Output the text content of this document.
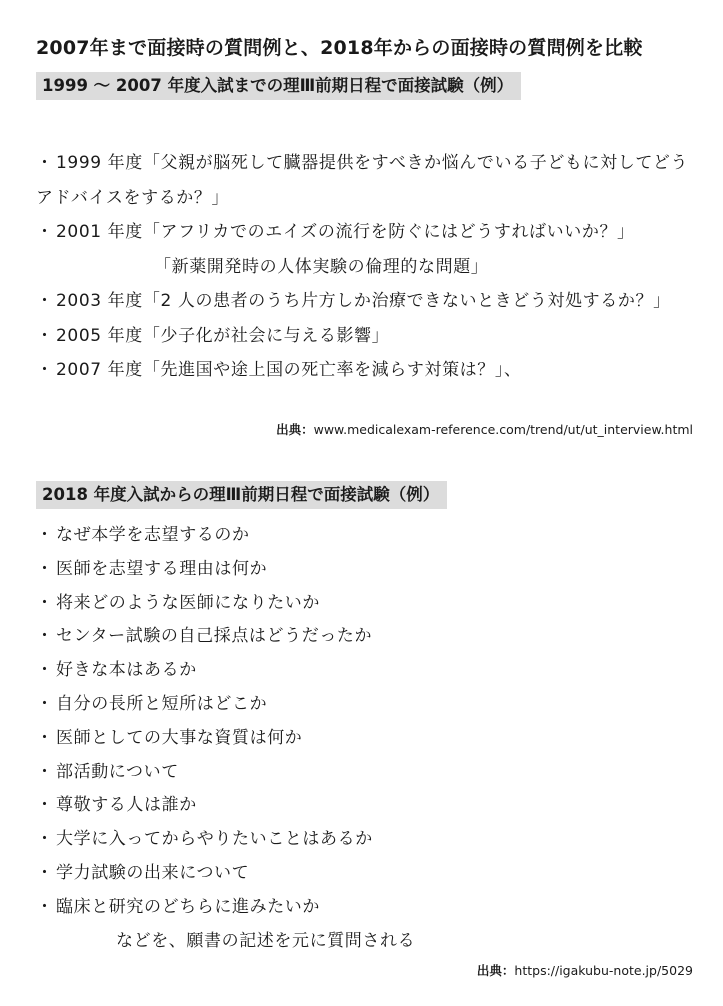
2007年まで面接時の質問例と、2018年からの面接時の質問例を比較
1999 ～ 2007 年度入試までの理Ⅲ前期日程で面接試験（例）
・ 1999 年度「父親が脳死して臓器提供をすべきか悩んでいる子どもに対してどうアドバイスをするか？」
・ 2001 年度「アフリカでのエイズの流行を防ぐにはどうすればいいか？」
「新薬開発時の人体実験の倫理的な問題」
・ 2003 年度「2 人の患者のうち片方しか治療できないときどう対処するか？」
・ 2005 年度「少子化が社会に与える影響」
・ 2007 年度「先進国や途上国の死亡率を減らす対策は？」、
出典：www.medicalexam-reference.com/trend/ut/ut_interview.html
2018 年度入試からの理Ⅲ前期日程で面接試験（例）
・ なぜ本学を志望するのか
・ 医師を志望する理由は何か
・ 将来どのような医師になりたいか
・ センター試験の自己採点はどうだったか
・ 好きな本はあるか
・ 自分の長所と短所はどこか
・ 医師としての大事な資質は何か
・ 部活動について
・ 尊敬する人は誰か
・ 大学に入ってからやりたいことはあるか
・ 学力試験の出来について
・ 臨床と研究のどちらに進みたいか
などを、願書の記述を元に質問される
出典：https://igakubu-note.jp/5029
